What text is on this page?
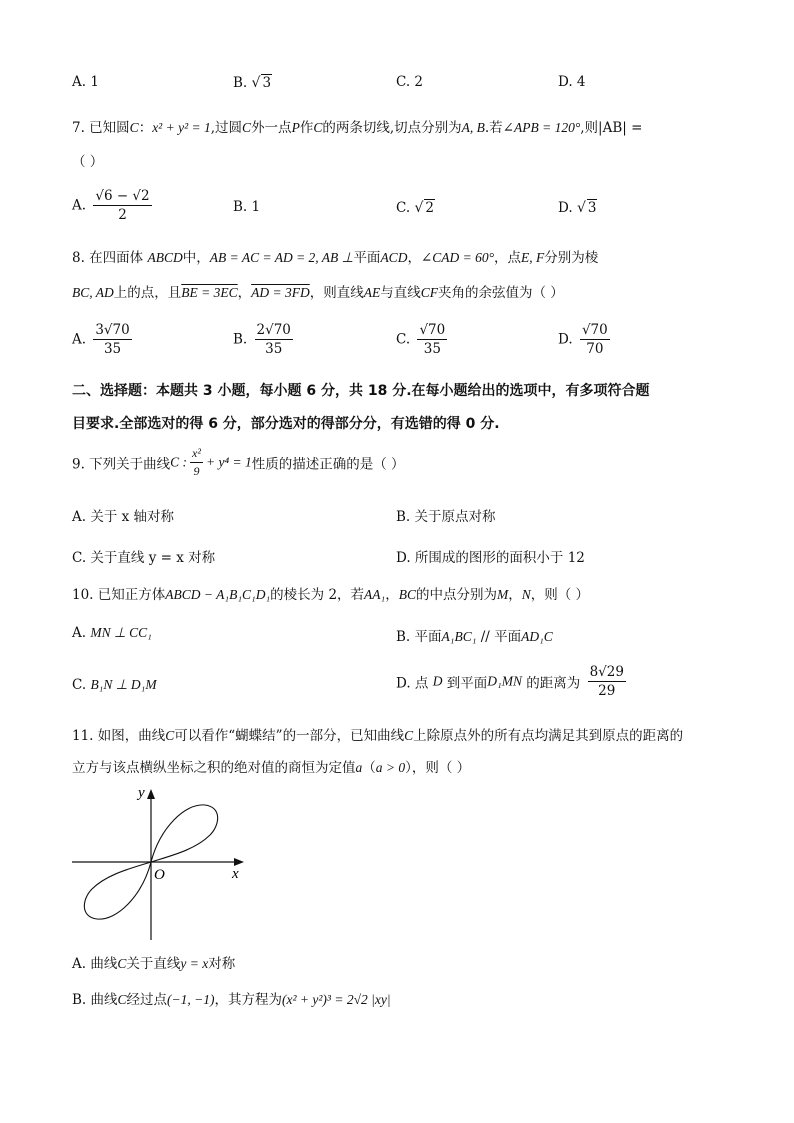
A. 1	B. √ 3	C. 2	D. 4
7. 已知圆C：x² + y² = 1,过圆C外一点P作C的两条切线,切点分别为A, B.若∠APB = 120°,则|AB| =
（ ）
A. $\frac{√6 - √2}{2}$	B. 1	C. √ 2	D. √ 3
8. 在四面体 ABCD中，AB = AC = AD = 2, AB ⊥平面ACD，∠CAD = 60°，点E, F分别为棱
BC, AD上的点，且BE = 3EC，AD = 3FD，则直线AE与直线CF夹角的余弦值为（ ）
A. $\frac{3√70}{35}$	B. $\frac{2√70}{35}$	C. $\frac{√70}{35}$	D. $\frac{√70}{70}$
二、选择题：本题共 3 小题，每小题 6 分，共 18 分.在每小题给出的选项中，有多项符合题
目要求.全部选对的得 6 分，部分选对的得部分分，有选错的得 0 分.
9. 下列关于曲线C : $\frac{\text{x²}}{9} + y^4 = 1$性质的描述正确的是（ ）
A. 关于 x 轴对称	B. 关于原点对称
C. 关于直线 y = x 对称	D. 所围成的图形的面积小于 12
10. 已知正方体ABCD − A₁B₁C₁D₁的棱长为 2，若AA₁，BC的中点分别为M，N，则（ ）
A. MN ⊥ CC₁	B. 平面A₁BC₁ // 平面AD₁C
C. B₁N ⊥ D₁M	D. 点 D 到平面D₁MN 的距离为 $\frac{8√29}{29}$
11. 如图，曲线C可以看作“蝴蝶结”的一部分，已知曲线C上除原点外的所有点均满足其到原点的距离的
立方与该点横纵坐标之积的绝对值的商恒为定值a（a > 0），则（ ）
x
y
O
A. 曲线C关于直线y = x对称
B. 曲线C经过点(−1, −1)，其方程为(x² + y²)³ = 2√2 |xy|
